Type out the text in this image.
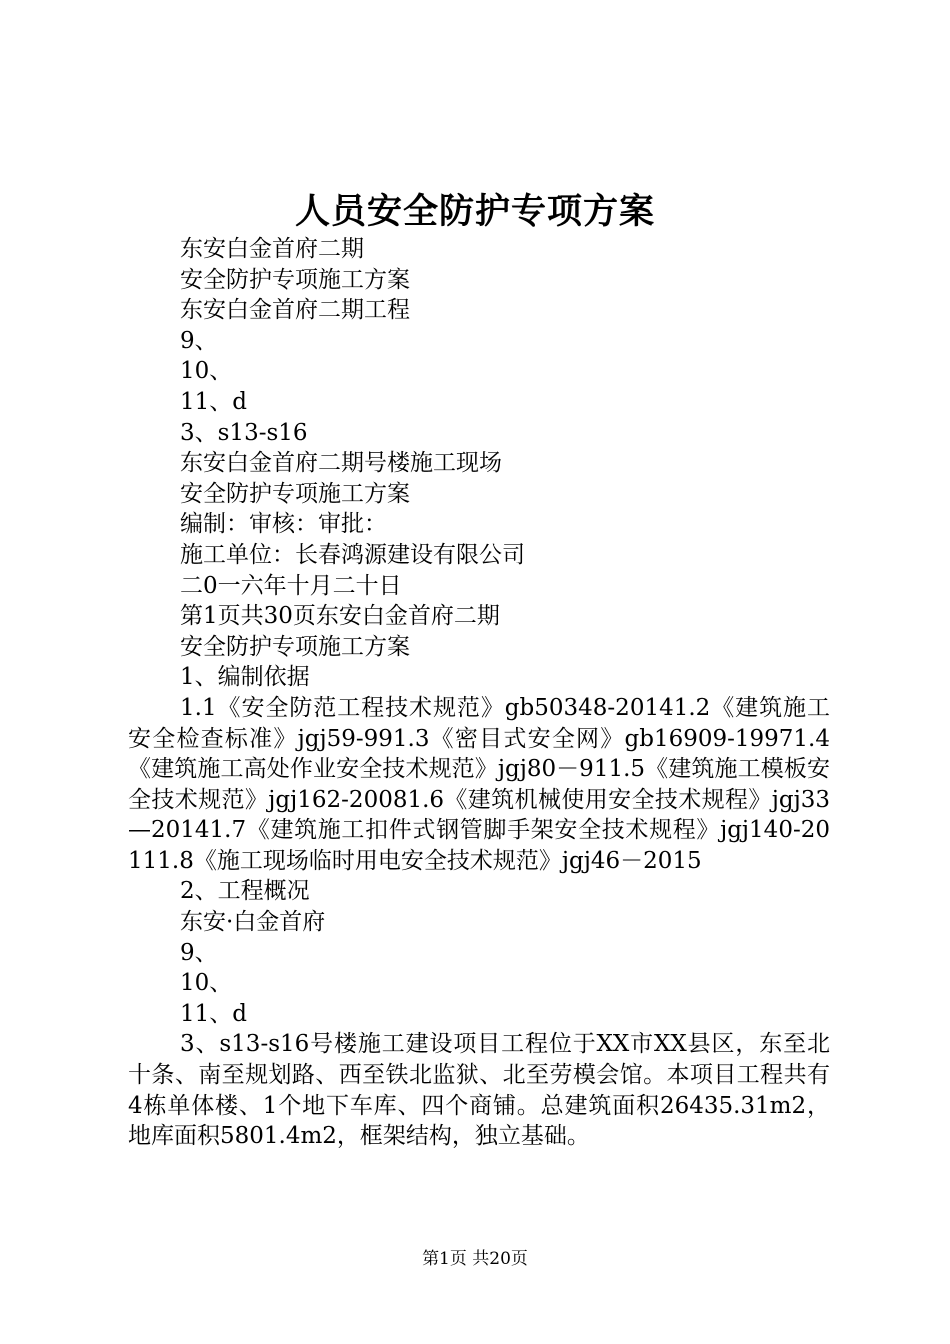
人员安全防护专项方案
东安白金首府二期
安全防护专项施工方案
东安白金首府二期工程
9、
10、
11、d
3、s13-s16
东安白金首府二期号楼施工现场
安全防护专项施工方案
编制：审核：审批：
施工单位：长春鸿源建设有限公司
二0一六年十月二十日
第1页共30页东安白金首府二期
安全防护专项施工方案
1、编制依据
1.1《安全防范工程技术规范》gb50348-20141.2《建筑施工安全检查标准》jgj59-991.3《密目式安全网》gb16909-19971.4《建筑施工高处作业安全技术规范》jgj80－911.5《建筑施工模板安全技术规范》jgj162-20081.6《建筑机械使用安全技术规程》jgj33—20141.7《建筑施工扣件式钢管脚手架安全技术规程》jgj140-20111.8《施工现场临时用电安全技术规范》jgj46－2015
2、工程概况
东安·白金首府
9、
10、
11、d
3、s13-s16号楼施工建设项目工程位于XX市XX县区，东至北十条、南至规划路、西至铁北监狱、北至劳模会馆。本项目工程共有4栋单体楼、1个地下车库、四个商铺。总建筑面积26435.31m2，地库面积5801.4m2，框架结构，独立基础。
第1页 共20页
